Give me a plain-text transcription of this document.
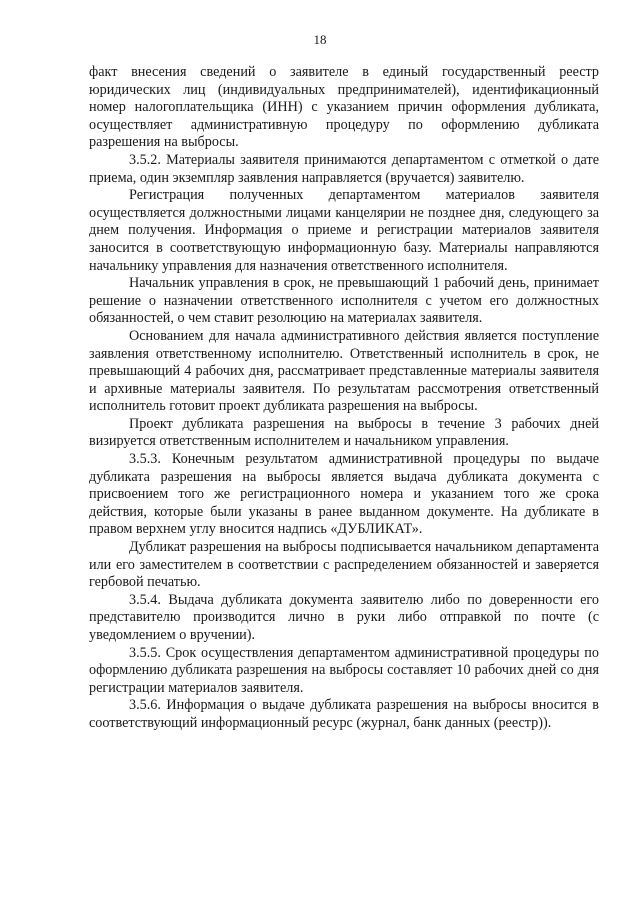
18

факт внесения сведений о заявителе в единый государственный реестр юридических лиц (индивидуальных предпринимателей), идентификационный номер налогоплательщика (ИНН) с указанием причин оформления дубликата, осуществляет административную процедуру по оформлению дубликата разрешения на выбросы.

3.5.2. Материалы заявителя принимаются департаментом с отметкой о дате приема, один экземпляр заявления направляется (вручается) заявителю.

Регистрация полученных департаментом материалов заявителя осуществляется должностными лицами канцелярии не позднее дня, следующего за днем получения. Информация о приеме и регистрации материалов заявителя заносится в соответствующую информационную базу. Материалы направляются начальнику управления для назначения ответственного исполнителя.

Начальник управления в срок, не превышающий 1 рабочий день, принимает решение о назначении ответственного исполнителя с учетом его должностных обязанностей, о чем ставит резолюцию на материалах заявителя.

Основанием для начала административного действия является поступление заявления ответственному исполнителю. Ответственный исполнитель в срок, не превышающий 4 рабочих дня, рассматривает представленные материалы заявителя и архивные материалы заявителя. По результатам рассмотрения ответственный исполнитель готовит проект дубликата разрешения на выбросы.

Проект дубликата разрешения на выбросы в течение 3 рабочих дней визируется ответственным исполнителем и начальником управления.

3.5.3. Конечным результатом административной процедуры по выдаче дубликата разрешения на выбросы является выдача дубликата документа с присвоением того же регистрационного номера и указанием того же срока действия, которые были указаны в ранее выданном документе. На дубликате в правом верхнем углу вносится надпись «ДУБЛИКАТ».

Дубликат разрешения на выбросы подписывается начальником департамента или его заместителем в соответствии с распределением обязанностей и заверяется гербовой печатью.

3.5.4. Выдача дубликата документа заявителю либо по доверенности его представителю производится лично в руки либо отправкой по почте (с уведомлением о вручении).

3.5.5. Срок осуществления департаментом административной процедуры по оформлению дубликата разрешения на выбросы составляет 10 рабочих дней со дня регистрации материалов заявителя.

3.5.6. Информация о выдаче дубликата разрешения на выбросы вносится в соответствующий информационный ресурс (журнал, банк данных (реестр)).
